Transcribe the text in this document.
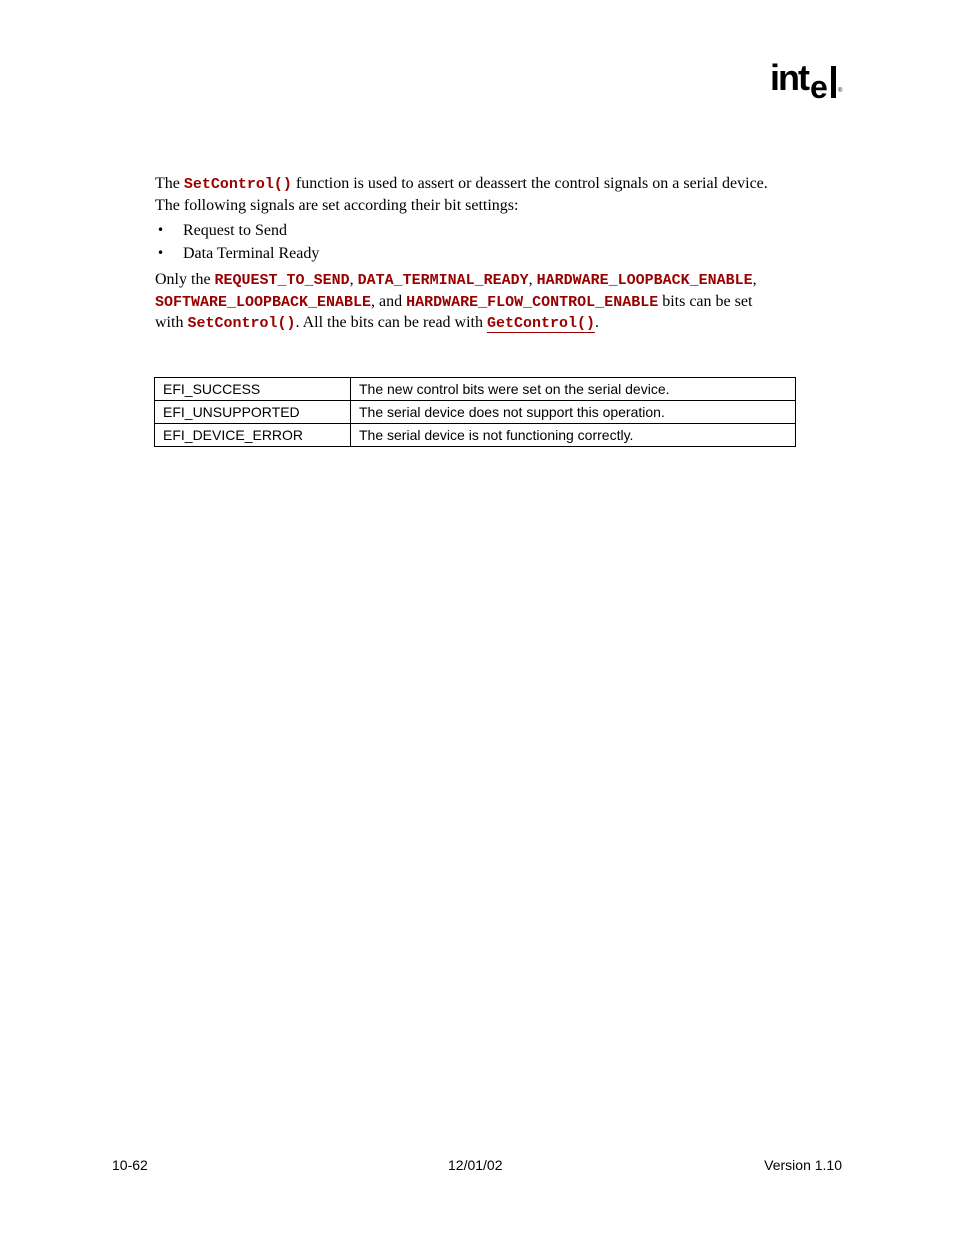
int e ®

The SetControl() function is used to assert or deassert the control signals on a serial device.
The following signals are set according their bit settings:

• Request to Send
• Data Terminal Ready

Only the REQUEST_TO_SEND, DATA_TERMINAL_READY, HARDWARE_LOOPBACK_ENABLE,
SOFTWARE_LOOPBACK_ENABLE, and HARDWARE_FLOW_CONTROL_ENABLE bits can be set
with SetControl(). All the bits can be read with GetControl().

EFI_SUCCESS	The new control bits were set on the serial device.
EFI_UNSUPPORTED	The serial device does not support this operation.
EFI_DEVICE_ERROR	The serial device is not functioning correctly.
10-62	12/01/02	Version 1.10
